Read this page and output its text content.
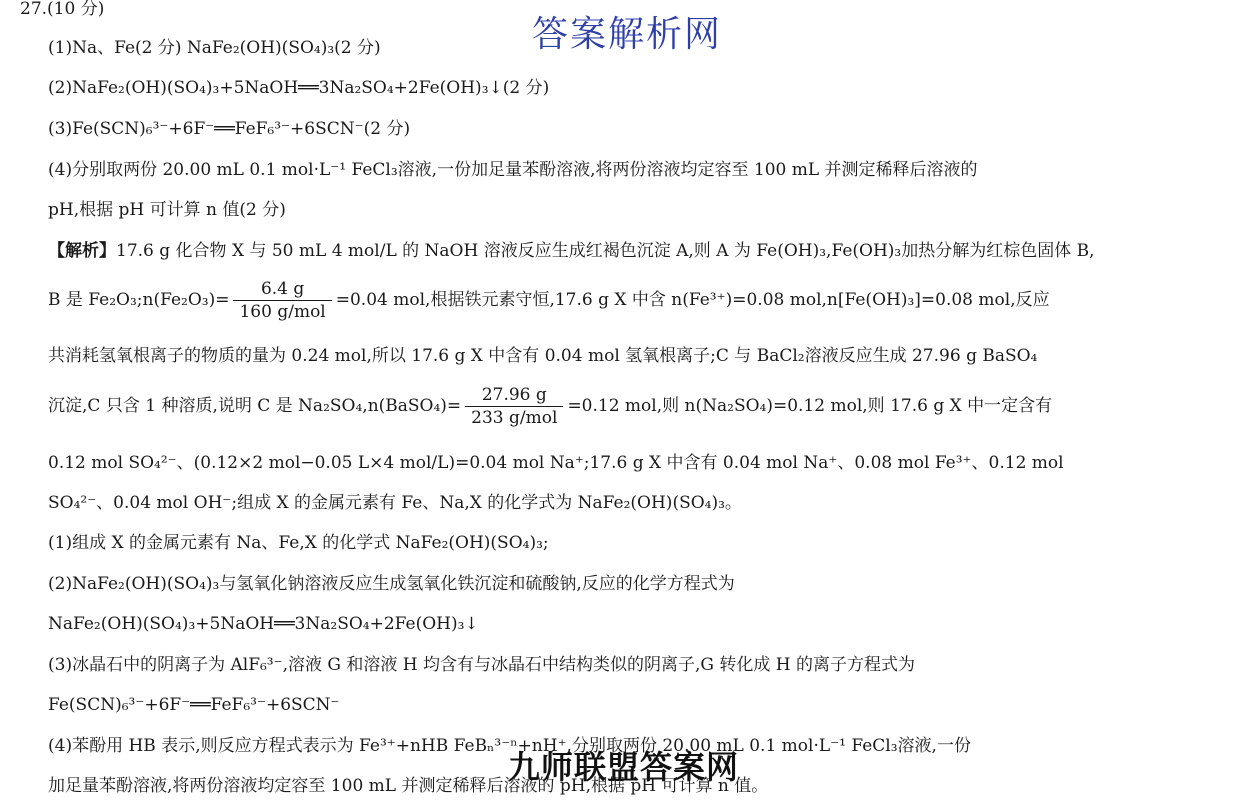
27.(10 分)
答案解析网
(1)Na、Fe(2 分) NaFe₂(OH)(SO₄)₃(2 分)
(2)NaFe₂(OH)(SO₄)₃+5NaOH══3Na₂SO₄+2Fe(OH)₃↓(2 分)
(3)Fe(SCN)₆³⁻+6F⁻══FeF₆³⁻+6SCN⁻(2 分)
(4)分别取两份 20.00 mL 0.1 mol·L⁻¹ FeCl₃溶液,一份加足量苯酚溶液,将两份溶液均定容至 100 mL 并测定稀释后溶液的
pH,根据 pH 可计算 n 值(2 分)
【解析】17.6 g 化合物 X 与 50 mL 4 mol/L 的 NaOH 溶液反应生成红褐色沉淀 A,则 A 为 Fe(OH)₃,Fe(OH)₃加热分解为红棕色固体 B,
B 是 Fe₂O₃;n(Fe₂O₃)= $\frac{6.4 g}{\text{160 g/mol}} =0.04$ mol,根据铁元素守恒,17.6 g X 中含 n(Fe³⁺)=0.08 mol,n[Fe(OH)₃]=0.08 mol,反应
共消耗氢氧根离子的物质的量为 0.24 mol,所以 17.6 g X 中含有 0.04 mol 氢氧根离子;C 与 BaCl₂溶液反应生成 27.96 g BaSO₄
沉淀,C 只含 1 种溶质,说明 C 是 Na₂SO₄,n(BaSO₄)= $\frac{27.96 g}{\text{233 g/mol}} =0.12$ mol,则 n(Na₂SO₄)=0.12 mol,则 17.6 g X 中一定含有
0.12 mol SO₄²⁻、(0.12×2 mol−0.05 L×4 mol/L)=0.04 mol Na⁺;17.6 g X 中含有 0.04 mol Na⁺、0.08 mol Fe³⁺、0.12 mol
SO₄²⁻、0.04 mol OH⁻;组成 X 的金属元素有 Fe、Na,X 的化学式为 NaFe₂(OH)(SO₄)₃。
(1)组成 X 的金属元素有 Na、Fe,X 的化学式 NaFe₂(OH)(SO₄)₃;
(2)NaFe₂(OH)(SO₄)₃与氢氧化钠溶液反应生成氢氧化铁沉淀和硫酸钠,反应的化学方程式为
NaFe₂(OH)(SO₄)₃+5NaOH══3Na₂SO₄+2Fe(OH)₃↓
(3)冰晶石中的阴离子为 AlF₆³⁻,溶液 G 和溶液 H 均含有与冰晶石中结构类似的阴离子,G 转化成 H 的离子方程式为
Fe(SCN)₆³⁻+6F⁻══FeF₆³⁻+6SCN⁻
(4)苯酚用 HB 表示,则反应方程式表示为 Fe³⁺+nHB FeBₙ³⁻ⁿ+nH⁺,分别取两份 20.00 mL 0.1 mol·L⁻¹ FeCl₃溶液,一份
加足量苯酚溶液,将两份溶液均定容至 100 mL 并测定稀释后溶液的 pH,根据 pH 可计算 n 值。
九师联盟答案网
